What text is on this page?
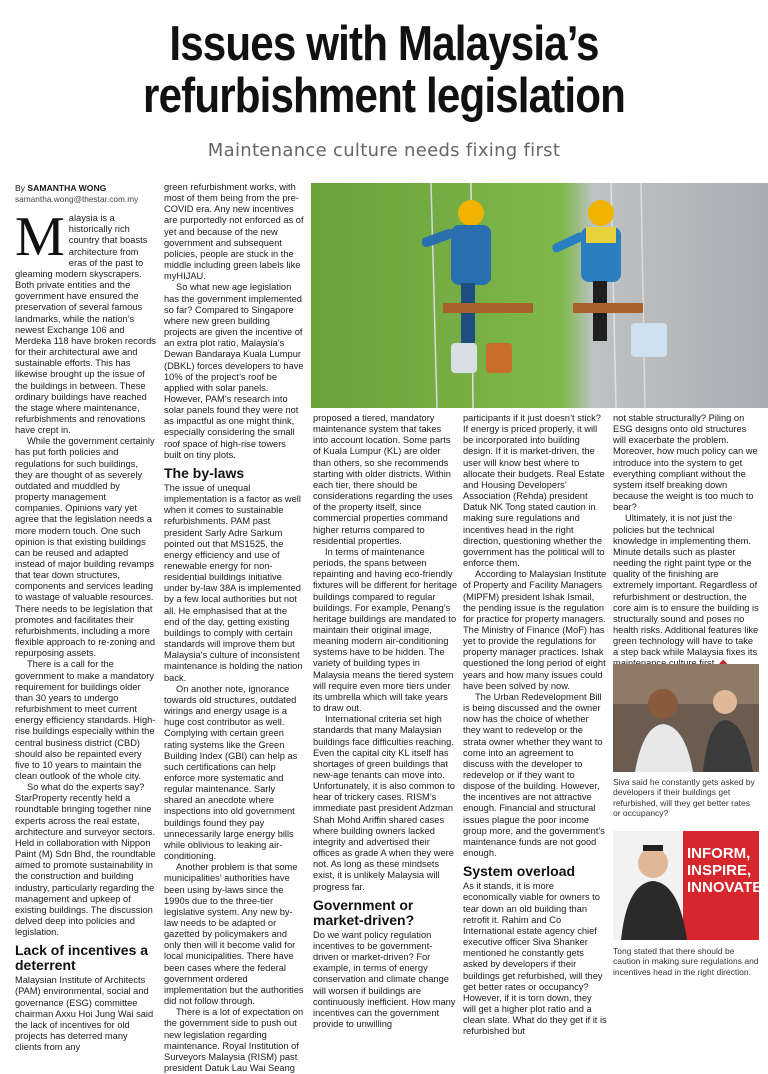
Issues with Malaysia’s
refurbishment legislation
Maintenance culture needs fixing first
By SAMANTHA WONG
samantha.wong@thestar.com.my

Malaysia is a historically rich country that boasts architecture from eras of the past to gleaming modern skyscrapers. Both private entities and the government have ensured the preservation of several famous landmarks, while the nation’s newest Exchange 106 and Merdeka 118 have broken records for their architectural awe and sustainable efforts. This has likewise brought up the issue of the buildings in between. These ordinary buildings have reached the stage where maintenance, refurbishments and renovations have crept in.

While the government certainly has put forth policies and regulations for such buildings, they are thought of as severely outdated and muddled by property management companies. Opinions vary yet agree that the legislation needs a more modern touch. One such opinion is that existing buildings can be reused and adapted instead of major building revamps that tear down structures, components and services leading to wastage of valuable resources. There needs to be legislation that promotes and facilitates their refurbishments, including a more flexible approach to re-zoning and repurposing assets.

There is a call for the government to make a mandatory requirement for buildings older than 30 years to undergo refurbishment to meet current energy efficiency standards. High-rise buildings especially within the central business district (CBD) should also be repainted every five to 10 years to maintain the clean outlook of the whole city.

So what do the experts say? StarProperty recently held a roundtable bringing together nine experts across the real estate, architecture and surveyor sectors. Held in collaboration with Nippon Paint (M) Sdn Bhd, the roundtable aimed to promote sustainability in the construction and building industry, particularly regarding the management and upkeep of existing buildings. The discussion delved deep into policies and legislation.

Lack of incentives a deterrent

Malaysian Institute of Architects (PAM) environmental, social and governance (ESG) committee chairman Axxu Hoi Jung Wai said the lack of incentives for old projects has deterred many clients from any

green refurbishment works, with most of them being from the pre-COVID era. Any new incentives are purportedly not enforced as of yet and because of the new government and subsequent policies, people are stuck in the middle including green labels like myHIJAU.

So what new age legislation has the government implemented so far? Compared to Singapore where new green building projects are given the incentive of an extra plot ratio, Malaysia’s Dewan Bandaraya Kuala Lumpur (DBKL) forces developers to have 10% of the project’s roof be applied with solar panels. However, PAM’s research into solar panels found they were not as impactful as one might think, especially considering the small roof space of high-rise towers built on tiny plots.

The by-laws

The issue of unequal implementation is a factor as well when it comes to sustainable refurbishments. PAM past president Sarly Adre Sarkum pointed out that MS1525, the energy efficiency and use of renewable energy for non-residential buildings initiative under by-law 38A is implemented by a few local authorities but not all. He emphasised that at the end of the day, getting existing buildings to comply with certain standards will improve them but Malaysia’s culture of inconsistent maintenance is holding the nation back.

On another note, ignorance towards old structures, outdated wirings and energy usage is a huge cost contributor as well. Complying with certain green rating systems like the Green Building Index (GBI) can help as such certifications can help enforce more systematic and regular maintenance. Sarly shared an anecdote where inspections into old government buildings found they pay unnecessarily large energy bills while oblivious to leaking air-conditioning.

Another problem is that some municipalities’ authorities have been using by-laws since the 1990s due to the three-tier legislative system. Any new by-law needs to be adapted or gazetted by policymakers and only then will it become valid for local municipalities. There have been cases where the federal government ordered implementation but the authorities did not follow through.

There is a lot of expectation on the government side to push out new legislation regarding maintenance. Royal Institution of Surveyors Malaysia (RISM) past president Datuk Lau Wai Seang

proposed a tiered, mandatory maintenance system that takes into account location. Some parts of Kuala Lumpur (KL) are older than others, so she recommends starting with older districts. Within each tier, there should be considerations regarding the uses of the property itself, since commercial properties command higher returns compared to residential properties.

In terms of maintenance periods, the spans between repainting and having eco-friendly fixtures will be different for heritage buildings compared to regular buildings. For example, Penang’s heritage buildings are mandated to maintain their original image, meaning modern air-conditioning systems have to be hidden. The variety of building types in Malaysia means the tiered system will require even more tiers under its umbrella which will take years to draw out.

International criteria set high standards that many Malaysian buildings face difficulties reaching. Even the capital city KL itself has shortages of green buildings that new-age tenants can move into. Unfortunately, it is also common to hear of trickery cases. RISM’s immediate past president Adzman Shah Mohd Ariffin shared cases where building owners lacked integrity and advertised their offices as grade A when they were not. As long as these mindsets exist, it is unlikely Malaysia will progress far.

Government or market-driven?

Do we want policy regulation incentives to be government-driven or market-driven? For example, in terms of energy conservation and climate change will worsen if buildings are continuously inefficient. How many incentives can the government provide to unwilling

participants if it just doesn’t stick? If energy is priced properly, it will be incorporated into building design. If it is market-driven, the user will know best where to allocate their budgets. Real Estate and Housing Developers’ Association (Rehda) president Datuk NK Tong stated caution in making sure regulations and incentives head in the right direction, questioning whether the government has the political will to enforce them.

According to Malaysian Institute of Property and Facility Managers (MIPFM) president Ishak Ismail, the pending issue is the regulation for practice for property managers. The Ministry of Finance (MoF) has yet to provide the regulations for property manager practices. Ishak questioned the long period of eight years and how many issues could have been solved by now.

The Urban Redevelopment Bill is being discussed and the owner now has the choice of whether they want to redevelop or the strata owner whether they want to come into an agreement to discuss with the developer to redevelop or if they want to dispose of the building. However, the incentives are not attractive enough. Financial and structural issues plague the poor income group more, and the government’s maintenance funds are not good enough.

System overload

As it stands, it is more economically viable for owners to tear down an old building than retrofit it. Rahim and Co International estate agency chief executive officer Siva Shanker mentioned he constantly gets asked by developers if their buildings get refurbished, will they get better rates or occupancy? However, if it is torn down, they will get a higher plot ratio and a clean slate. What do they get if it is refurbished but

not stable structurally? Piling on ESG designs onto old structures will exacerbate the problem. Moreover, how much policy can we introduce into the system to get everything compliant without the system itself breaking down because the weight is too much to bear?

Ultimately, it is not just the policies but the technical knowledge in implementing them. Minute details such as plaster needing the right paint type or the quality of the finishing are extremely important. Regardless of refurbishment or destruction, the core aim is to ensure the building is structurally sound and poses no health risks. Additional features like green technology will have to take a step back while Malaysia fixes its

Siva said he constantly gets asked by developers if their buildings get refurbished, will they get better rates or occupancy?
INFORM,
INSPIRE,
INNOVATE
Tong stated that there should be caution in making sure regulations and incentives head in the right direction.
